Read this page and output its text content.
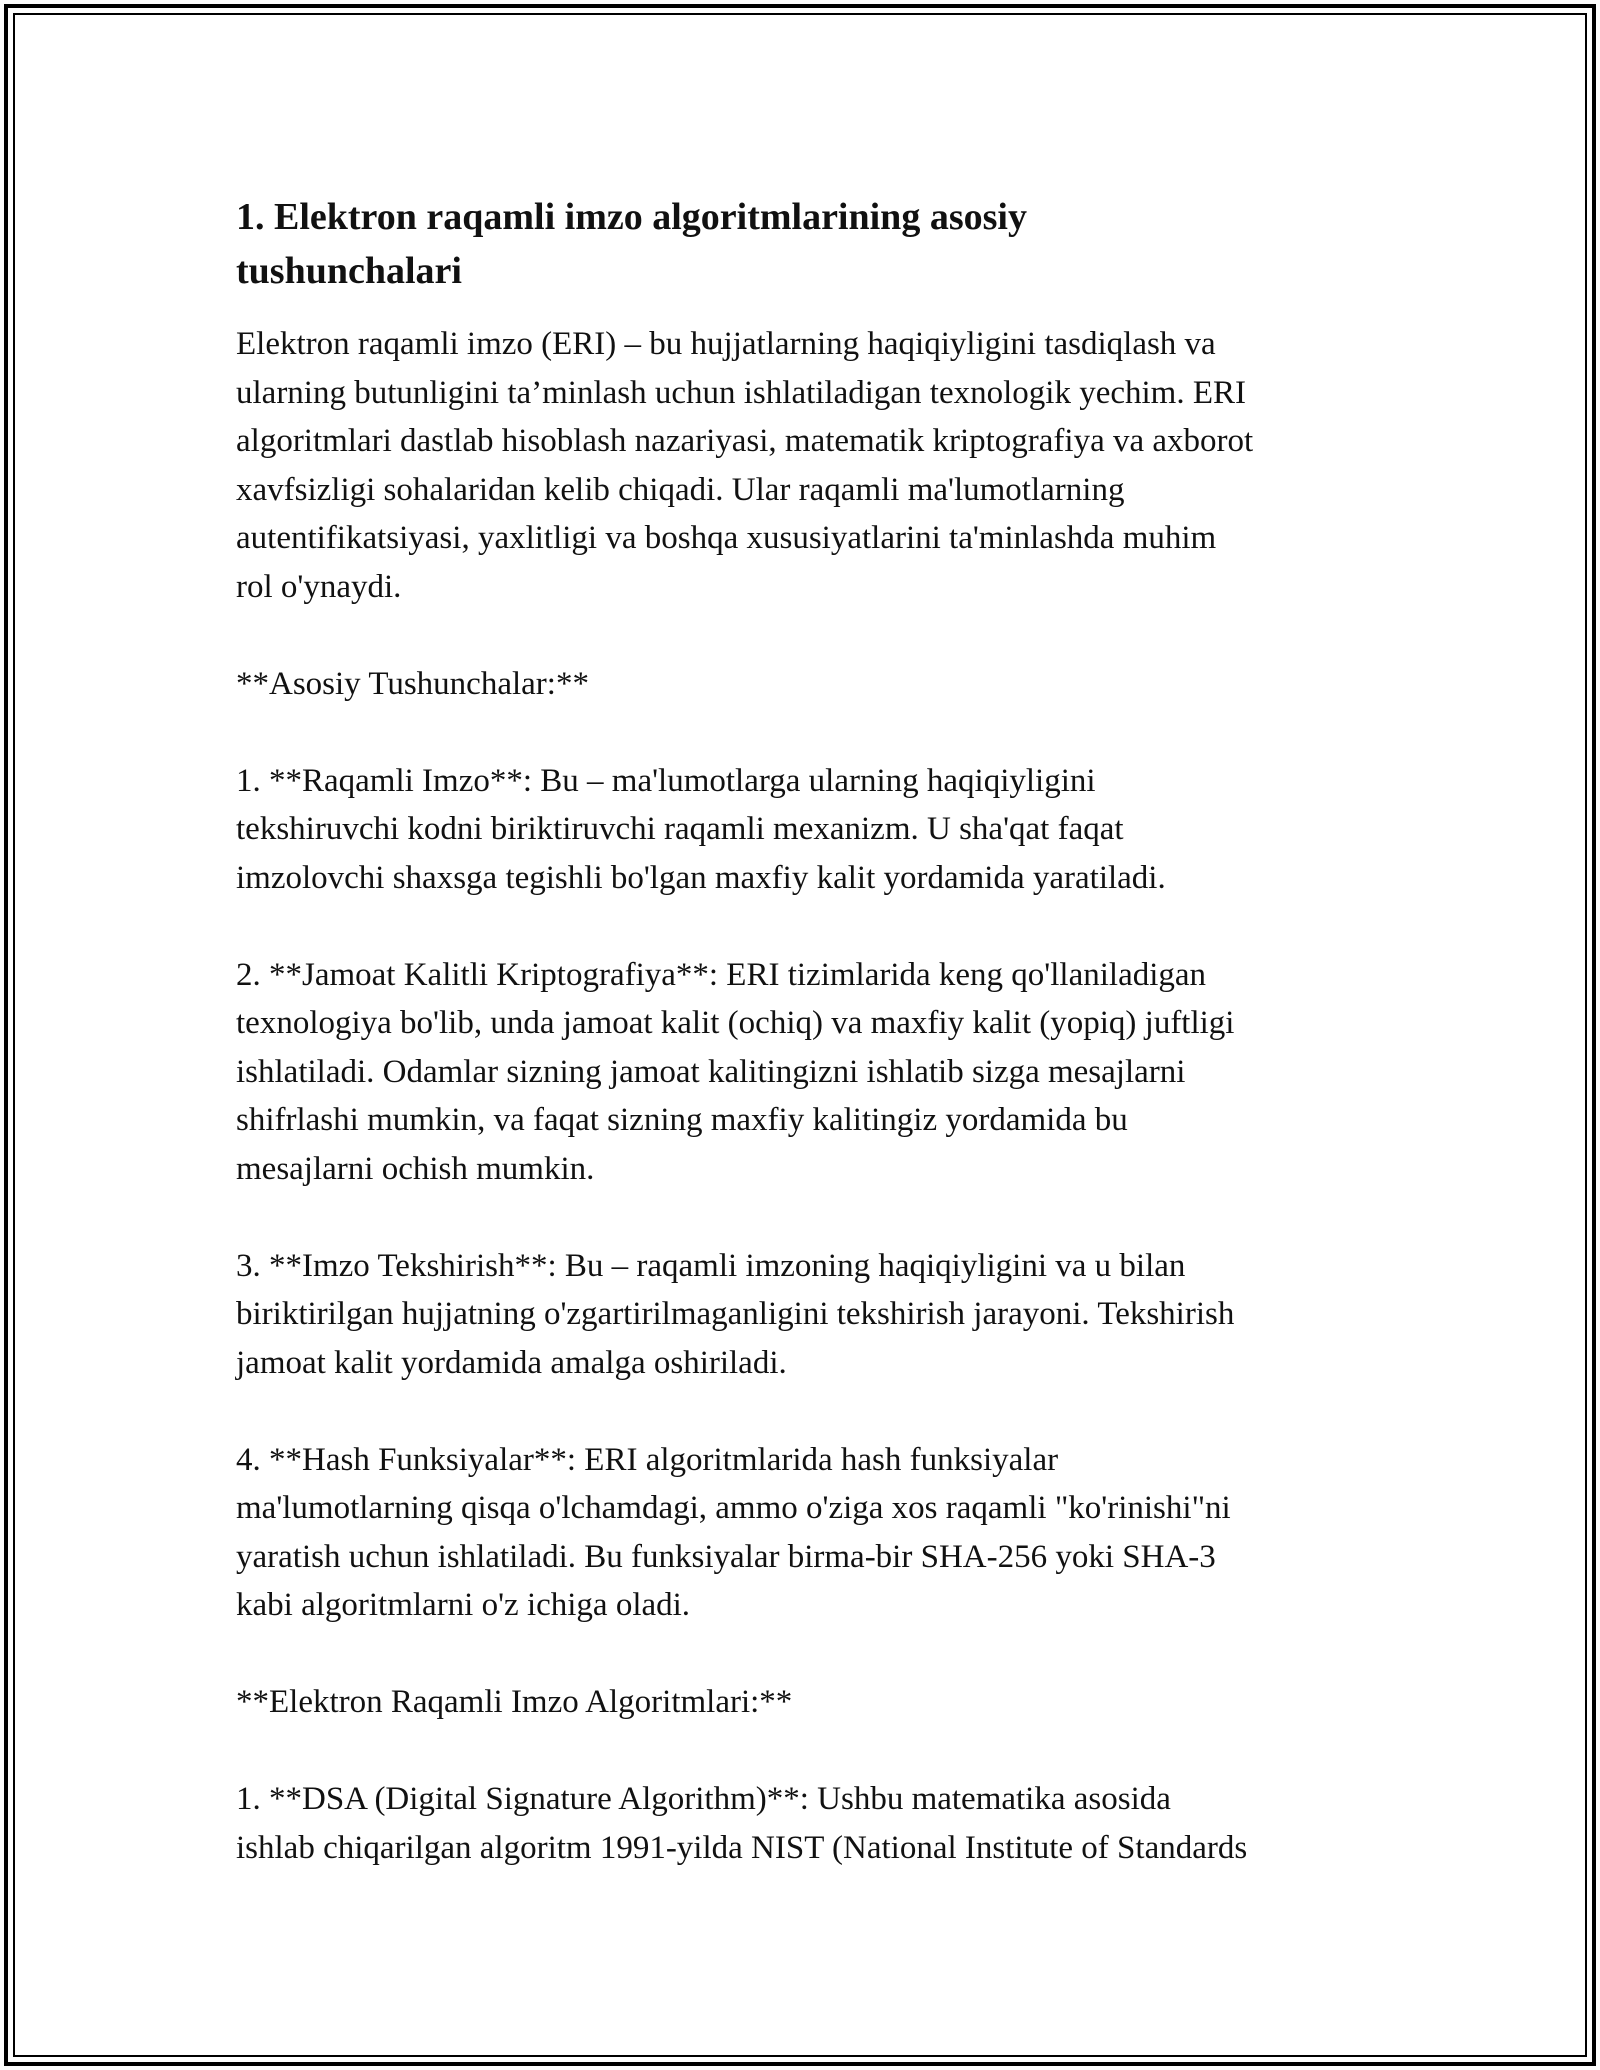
1. Elektron raqamli imzo algoritmlarining asosiy tushunchalari

Elektron raqamli imzo (ERI) – bu hujjatlarning haqiqiyligini tasdiqlash va
ularning butunligini ta’minlash uchun ishlatiladigan texnologik yechim. ERI
algoritmlari dastlab hisoblash nazariyasi, matematik kriptografiya va axborot
xavfsizligi sohalaridan kelib chiqadi. Ular raqamli ma'lumotlarning
autentifikatsiyasi, yaxlitligi va boshqa xususiyatlarini ta'minlashda muhim
rol o'ynaydi.

**Asosiy Tushunchalar:**

1. **Raqamli Imzo**: Bu – ma'lumotlarga ularning haqiqiyligini
tekshiruvchi kodni biriktiruvchi raqamli mexanizm. U sha'qat faqat
imzolovchi shaxsga tegishli bo'lgan maxfiy kalit yordamida yaratiladi.

2. **Jamoat Kalitli Kriptografiya**: ERI tizimlarida keng qo'llaniladigan
texnologiya bo'lib, unda jamoat kalit (ochiq) va maxfiy kalit (yopiq) juftligi
ishlatiladi. Odamlar sizning jamoat kalitingizni ishlatib sizga mesajlarni
shifrlashi mumkin, va faqat sizning maxfiy kalitingiz yordamida bu
mesajlarni ochish mumkin.

3. **Imzo Tekshirish**: Bu – raqamli imzoning haqiqiyligini va u bilan
biriktirilgan hujjatning o'zgartirilmaganligini tekshirish jarayoni. Tekshirish
jamoat kalit yordamida amalga oshiriladi.

4. **Hash Funksiyalar**: ERI algoritmlarida hash funksiyalar
ma'lumotlarning qisqa o'lchamdagi, ammo o'ziga xos raqamli "ko'rinishi"ni
yaratish uchun ishlatiladi. Bu funksiyalar birma-bir SHA-256 yoki SHA-3
kabi algoritmlarni o'z ichiga oladi.

**Elektron Raqamli Imzo Algoritmlari:**

1. **DSA (Digital Signature Algorithm)**: Ushbu matematika asosida
ishlab chiqarilgan algoritm 1991-yilda NIST (National Institute of Standards
